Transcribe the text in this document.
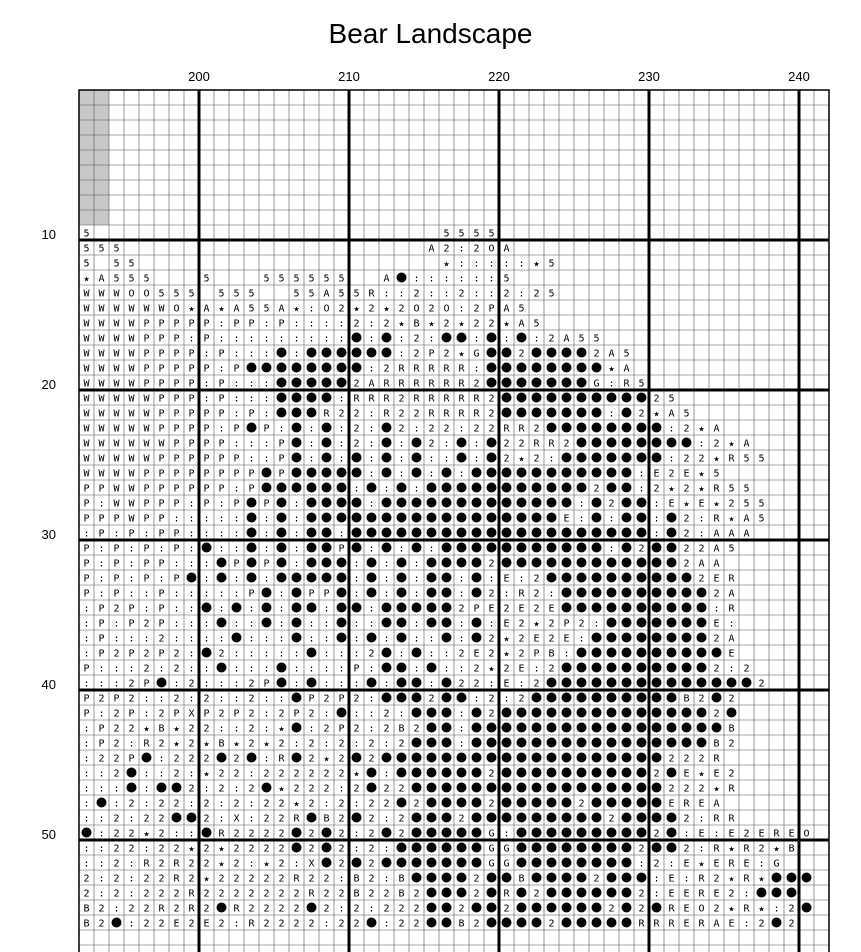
Bear Landscape
5	5 5 5 5
5 5 5	A 2 : 2 O A
5 5 5	★ : : : : : ★ 5
★ A 5 5 5	5	5 5 5 5 5 5	A : : : : : : 5
W W W O O 5 5 5 5 5 5	5 5 A 5 5 R : : 2 : : 2 : : 2 : 2 5
W W W W W W O ★ A ★ A 5 5 A ★ : O 2 ★ 2 ★ 2 O 2 O : 2 P A 5
W W W W P P P P P : P P : P : : : : 2 : 2 ★ B ★ 2 ★ 2 2 ★ A 5
W W W W P P P : P : : : : : : : : : : : 2 :	: : : 2 A 5 5
W W W W P P P P : P : : : :	: 2 P 2 ★ G	2	2 A 5
W W W W P P P P P : P	: 2 R R R R R :	★ A
W W W W P P P P : P : : :	2 A R R R R R R 2	G : R 5
W W W W W P P P : P : : :	: R R R 2 R R R R R 2	2 5
W W W W W P P P P P : P :	R 2 2 : R 2 2 R R R R 2	: 2 ★ A 5
W W W W W P P P P : P P : : : 2 : 2 : 2 2 : 2 2 R R 2	: 2 ★ A
W W W W W W P P P P : : : P : : 2 : : 2 : : 2 2 R R 2	: 2 ★ A
W W W W W P P P P P P : : P : : : : : : : 2 ★ 2 :	: 2 2 ★ R 5 5
W W W W P P P P P P P P P	: : : :	: E 2 E ★ 5
P P W W P P P P P P : P	: : :	2	: 2 ★ 2 ★ R 5 5
P : W W P P P : P : P P :	:	: 2	: E ★ E ★ 2 5 5
P P P W P P : : : : : : :	E : :	: 2 : R ★ A 5
: P : P : P P : : : : : :	:	: 2 : A A A
P : P : P : P : : : : :	P : : :	: 2	2 2 A 5
P : P : P P : : : P P :	: : :	2	2 A A
P : P : P : P : : :	: : :	: : E : 2	2 E R
P : P : : P : : : : : P : P P : : :	: 2 : R 2 :	2 A
: P 2 P : P : : : : :	:	:	2 P E 2 E 2 E	: R
: P : P 2 P : : : : : : : : : :	:	: : E 2 ★ 2 P 2 :	E :
: P : : : 2 : : : : : : : : : : : : : : 2 ★ 2 E 2 E :	2 A
: P 2 P 2 P 2 : 2 : : : : : : : : 2 : : : 2 E 2 ★ 2 P B :	E
P : : : 2 : 2 : : : : : : : : : P :	: : : 2 ★ 2 E : 2	2 : 2
: : : 2 P : 2 : : : 2 P : : : : :	: 2 2 : E : 2	2
P 2 P 2 : : 2 : 2 : : 2 : : P 2 P 2 :	2	: 2 : 2	B 2 2
P : 2 P : 2 P X P 2 P 2 : 2 P 2 : : : 2 :	: 2	2
: P 2 2 ★ B ★ 2 2 : : 2 : ★ : 2 P 2 : 2 B 2	:	B
: P 2 : R 2 ★ 2 ★ B ★ 2 ★ 2 : 2 : 2 : 2 : 2	:	B 2
: 2 2 P : 2 2 2 2 : R 2 ★ 2 2	2 2 2 R
: : 2 : : 2 : ★ 2 2 : 2 2 2 2 2 2 ★ :	2	2 E ★ E 2
: : : :	2 : 2 : 2 ★ 2 2 2 : 2 2 2	2 2 2 ★ R
: : 2 : 2 2 : 2 : 2 : 2 2 ★ 2 : 2 : 2 2 2	2	2	E R E A
: : 2 : 2 2	2 : X : 2 2 R B 2 2 : 2	2	2	2 : R R
: 2 2 ★ 2 : : R 2 2 2 2 2 2 : 2 2	G :	2 : E : E 2 E R E O
: : 2 2 : 2 2 ★ 2 ★ 2 2 2 2 2 2 : 2 :	G G	2	2 : R ★ R 2 ★ B
: : 2 : R 2 R 2 2 ★ 2 : ★ 2 : X 2 2	G G	: 2 : E ★ E R E : G
2 : 2 : 2 2 R 2 ★ 2 2 2 2 2 R 2 2 : B 2 : B	2	B	2	: E : R 2 ★ R ★
2 : 2 : 2 2 2 R 2 2 2 2 2 2 2 R 2 2 B 2 2 B 2	2 R 2	2 : E E R E 2 :
B 2 : 2 2 R 2 R 2 R 2 2 2 2 2 : 2 : 2 2 2	2	2	2 2 R E O 2 ★ R ★ : 2
B 2 : 2 2 E 2 E 2 : R 2 2 2 2 : 2 2 : 2 2	B 2	2	R R R E R A E : 2 2
200	210	220	230	240
10
20
30
40
50
